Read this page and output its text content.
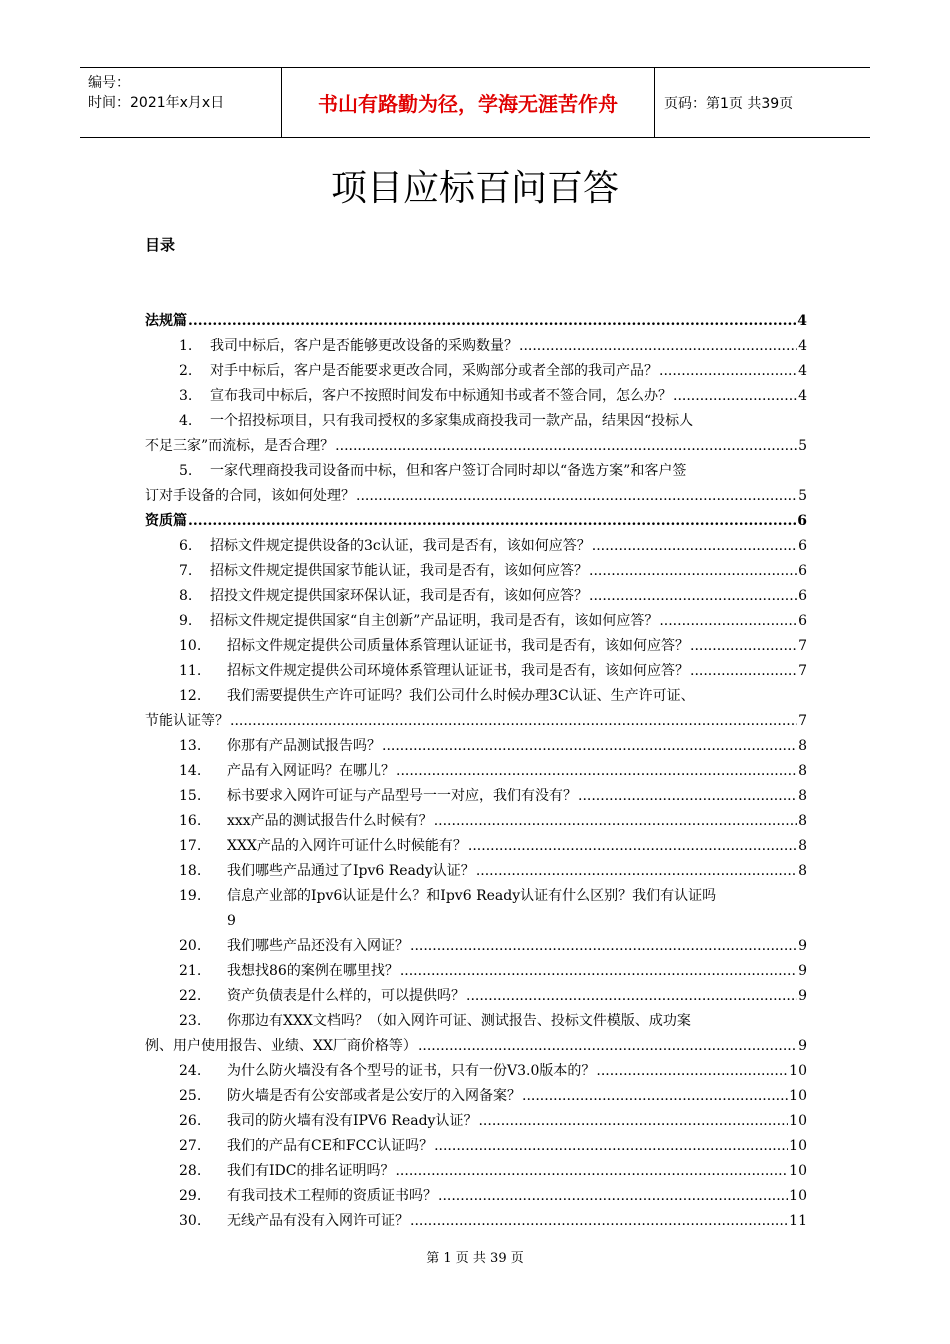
编号：
时间：2021年x月x日	书山有路勤为径，学海无涯苦作舟	页码：第1页 共39页
项目应标百问百答
目录
法规篇 .....	4
1.	我司中标后，客户是否能够更改设备的采购数量？ .....	4
2.	对手中标后，客户是否能要求更改合同，采购部分或者全部的我司产品？ .....	4
3.	宣布我司中标后，客户不按照时间发布中标通知书或者不签合同，怎么办？ .....	4
4.	一个招投标项目，只有我司授权的多家集成商投我司一款产品，结果因“投标人
不足三家”而流标，是否合理？ .....	5
5.	一家代理商投我司设备而中标，但和客户签订合同时却以“备选方案”和客户签
订对手设备的合同，该如何处理？ .....	5
资质篇 .....	6
6.	招标文件规定提供设备的3c认证，我司是否有，该如何应答？ .....	6
7.	招标文件规定提供国家节能认证，我司是否有，该如何应答？ .....	6
8.	招投文件规定提供国家环保认证，我司是否有，该如何应答？ .....	6
9.	招标文件规定提供国家“自主创新”产品证明，我司是否有，该如何应答？ .....	6
10.	招标文件规定提供公司质量体系管理认证证书，我司是否有，该如何应答？ .....	7
11.	招标文件规定提供公司环境体系管理认证证书，我司是否有，该如何应答？ .....	7
12.	我们需要提供生产许可证吗？我们公司什么时候办理3C认证、生产许可证、
节能认证等？ .....	7
13.	你那有产品测试报告吗？ .....	8
14.	产品有入网证吗？在哪儿？ .....	8
15.	标书要求入网许可证与产品型号一一对应，我们有没有？ .....	8
16.	xxx产品的测试报告什么时候有？ .....	8
17.	XXX产品的入网许可证什么时候能有？ .....	8
18.	我们哪些产品通过了Ipv6 Ready认证？ .....	8
19.	信息产业部的Ipv6认证是什么？和Ipv6 Ready认证有什么区别？我们有认证吗
9
20.	我们哪些产品还没有入网证？ .....	9
21.	我想找86的案例在哪里找？ .....	9
22.	资产负债表是什么样的，可以提供吗？ .....	9
23.	你那边有XXX文档吗？（如入网许可证、测试报告、投标文件模版、成功案
例、用户使用报告、业绩、XX厂商价格等） .....	9
24.	为什么防火墙没有各个型号的证书，只有一份V3.0版本的？ .....	10
25.	防火墙是否有公安部或者是公安厅的入网备案？ .....	10
26.	我司的防火墙有没有IPV6 Ready认证？ .....	10
27.	我们的产品有CE和FCC认证吗？ .....	10
28.	我们有IDC的排名证明吗？ .....	10
29.	有我司技术工程师的资质证书吗？ .....	10
30.	无线产品有没有入网许可证？ .....	11
第 1 页 共 39 页
